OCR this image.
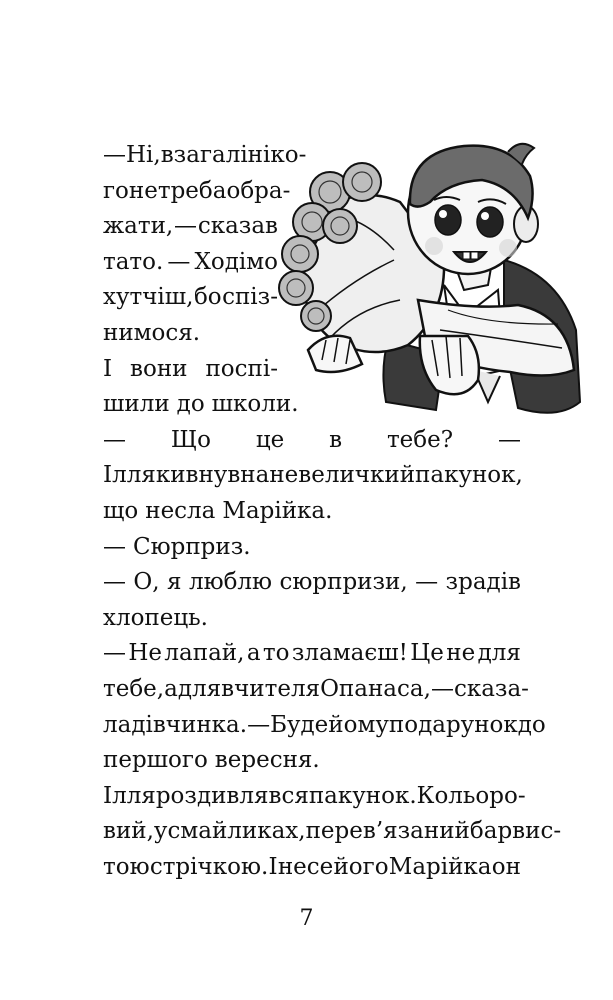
— Ні, взагалі ніко-

го не треба обра-

жати, — сказав

тато. — Ходімо

хутчіш, бо спіз-

нимося.

І вони поспі-

шили до школи.

— Що це в тебе? —

Ілля кивнув на невеличкий пакунок,

що несла Марійка.

— Сюрприз.

— О, я люблю сюрпризи, — зрадів

хлопець.

— Не лапай, а то зламаєш! Це не для

тебе, а для вчителя Опанаса, — сказа-

ла дівчинка. — Буде йому подарунок до

першого вересня.

Ілля роздивлявся пакунок. Кольоро-

вий, у смайликах, перев’язаний барвис-

тою стрічкою. І несе його Марійка он

7
